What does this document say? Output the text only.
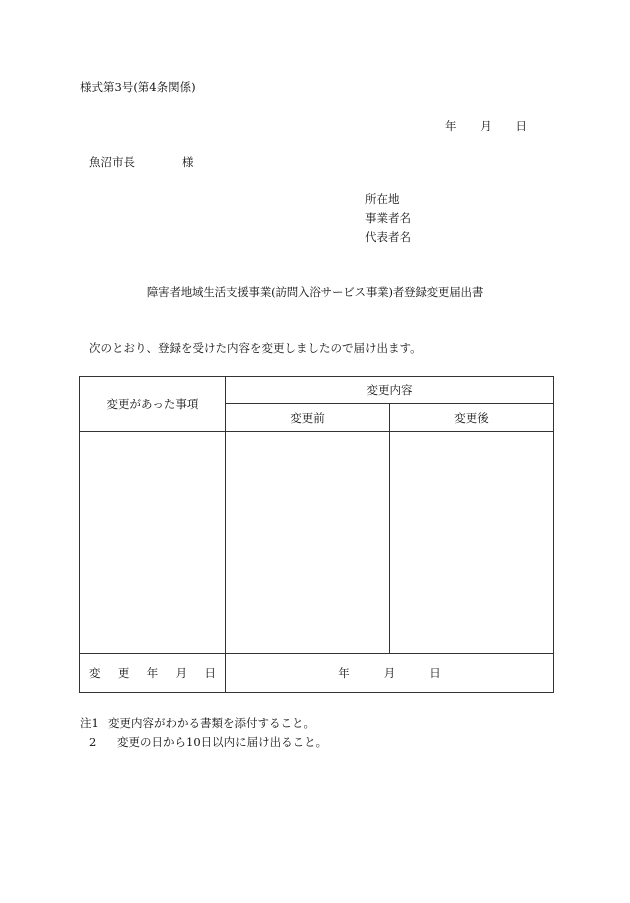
様式第3号(第4条関係)
年 月 日
魚沼市長	様
所在地
事業者名
代表者名
障害者地域生活支援事業(訪問入浴サービス事業)者登録変更届出書
次のとおり、登録を受けた内容を変更しましたので届け出ます。
変更があった事項	変更内容	
	変更前	変更後

変 更 年 月 日	年 月 日	
注1 変更内容がわかる書類を添付すること。
2 変更の日から10日以内に届け出ること。
